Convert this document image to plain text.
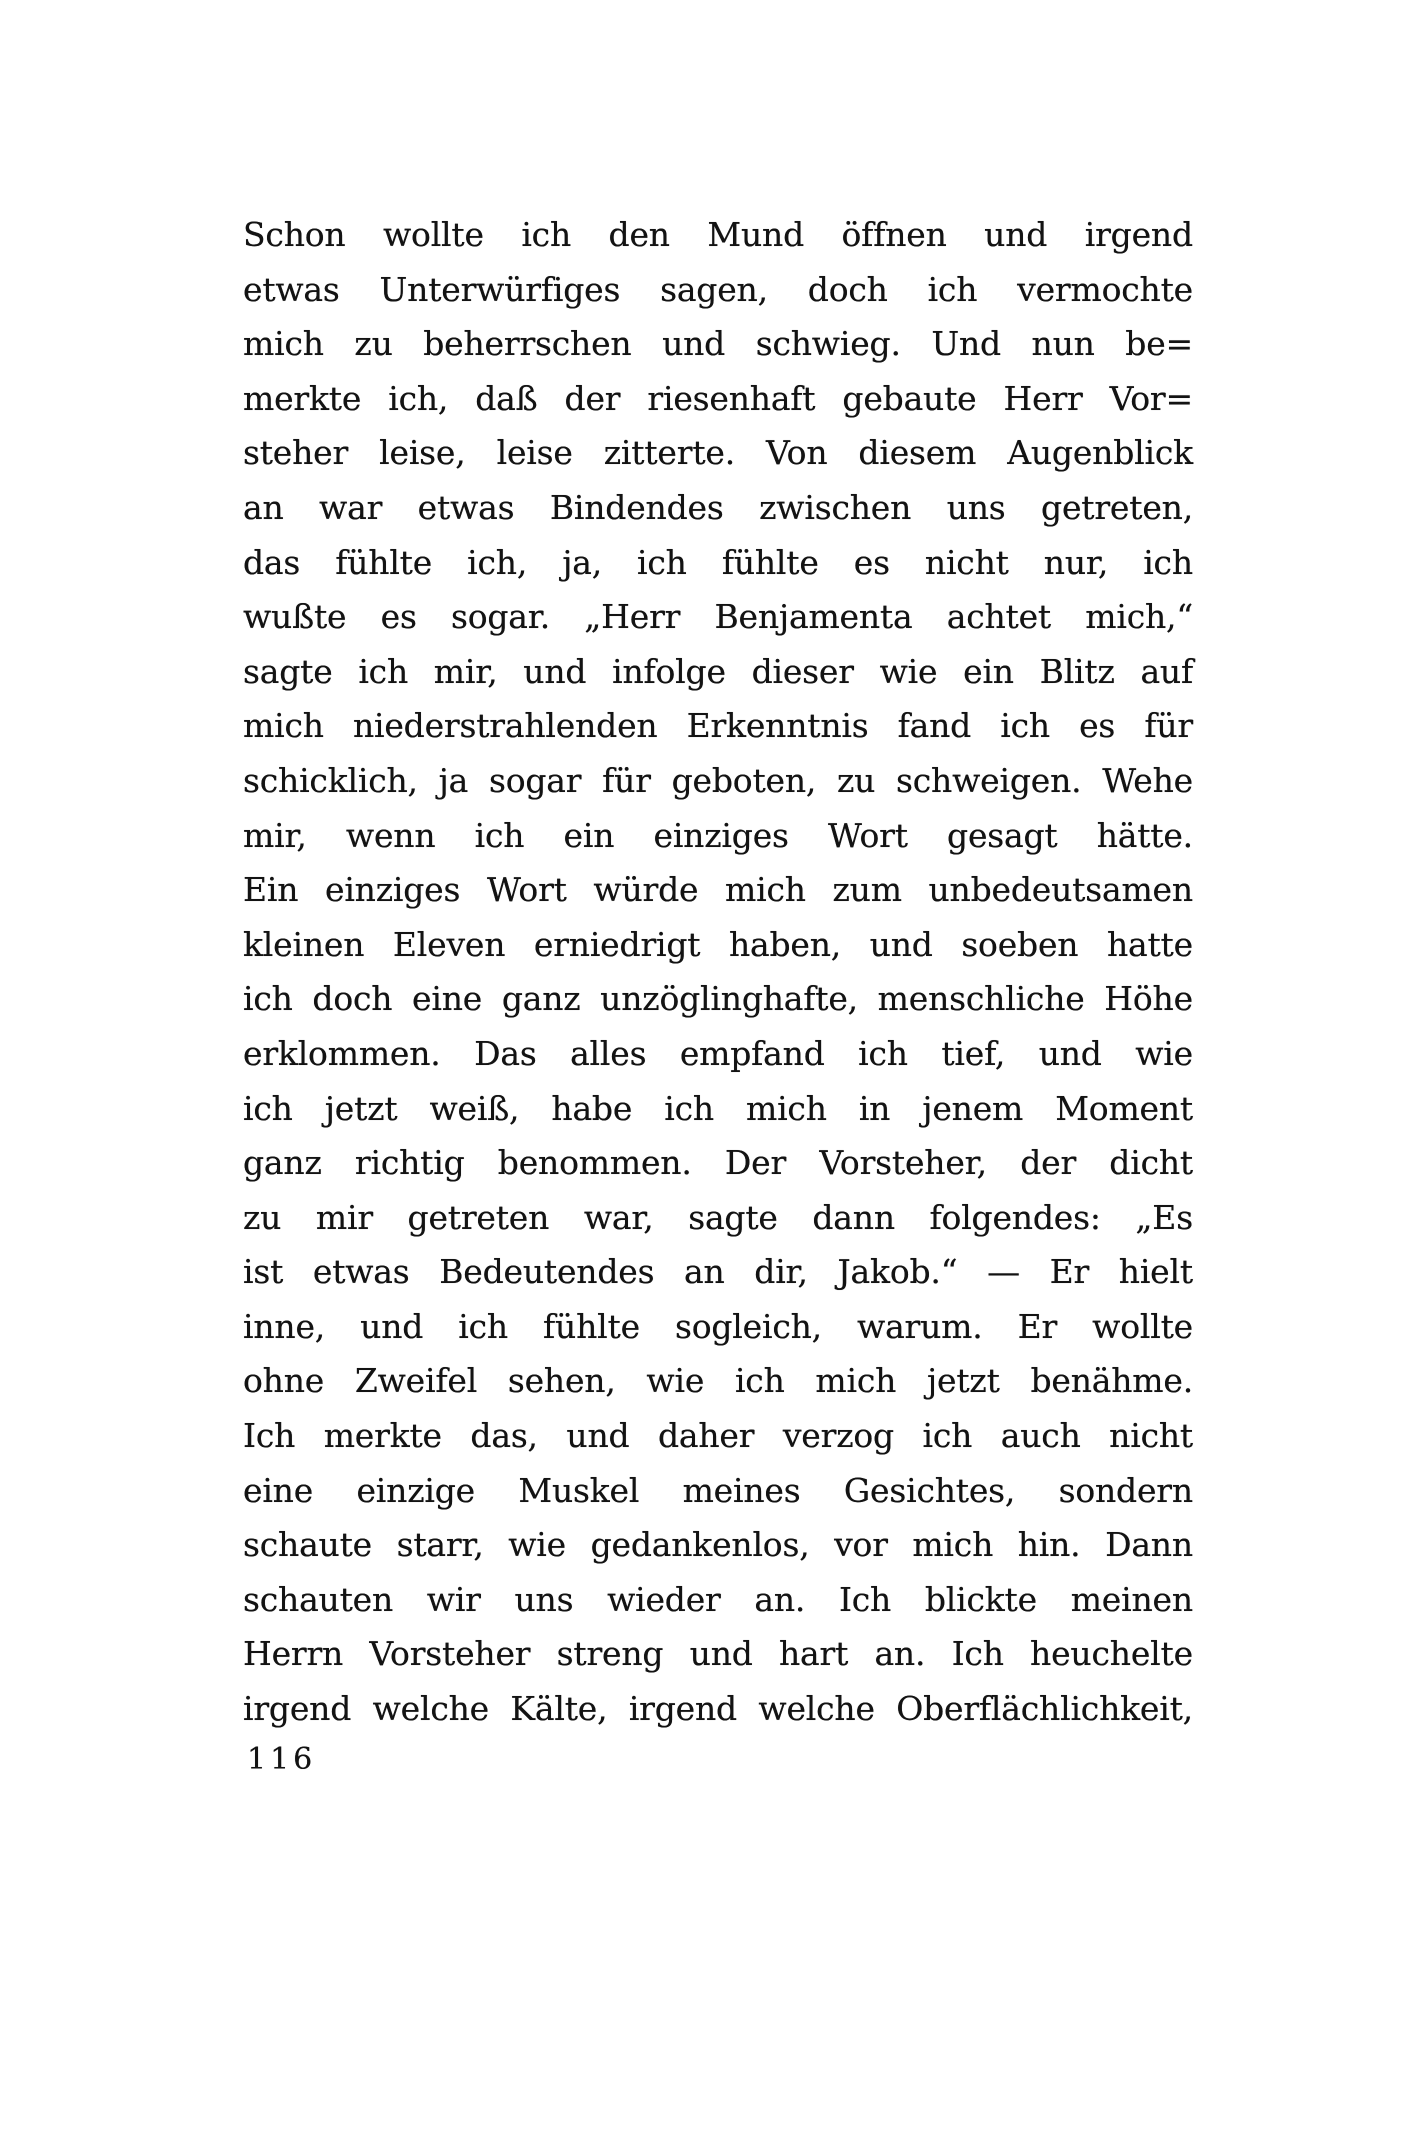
Schon wollte ich den Mund öffnen und irgend
etwas Unterwürfiges sagen, doch ich vermochte
mich zu beherrschen und schwieg. Und nun be=
merkte ich, daß der riesenhaft gebaute Herr Vor=
steher leise, leise zitterte. Von diesem Augenblick
an war etwas Bindendes zwischen uns getreten,
das fühlte ich, ja, ich fühlte es nicht nur, ich
wußte es sogar. „Herr Benjamenta achtet mich,“
sagte ich mir, und infolge dieser wie ein Blitz auf
mich niederstrahlenden Erkenntnis fand ich es für
schicklich, ja sogar für geboten, zu schweigen. Wehe
mir, wenn ich ein einziges Wort gesagt hätte.
Ein einziges Wort würde mich zum unbedeutsamen
kleinen Eleven erniedrigt haben, und soeben hatte
ich doch eine ganz unzöglinghafte, menschliche Höhe
erklommen. Das alles empfand ich tief, und wie
ich jetzt weiß, habe ich mich in jenem Moment
ganz richtig benommen. Der Vorsteher, der dicht
zu mir getreten war, sagte dann folgendes: „Es
ist etwas Bedeutendes an dir, Jakob.“ — Er hielt
inne, und ich fühlte sogleich, warum. Er wollte
ohne Zweifel sehen, wie ich mich jetzt benähme.
Ich merkte das, und daher verzog ich auch nicht
eine einzige Muskel meines Gesichtes, sondern
schaute starr, wie gedankenlos, vor mich hin. Dann
schauten wir uns wieder an. Ich blickte meinen
Herrn Vorsteher streng und hart an. Ich heuchelte
irgend welche Kälte, irgend welche Oberflächlichkeit,
116
